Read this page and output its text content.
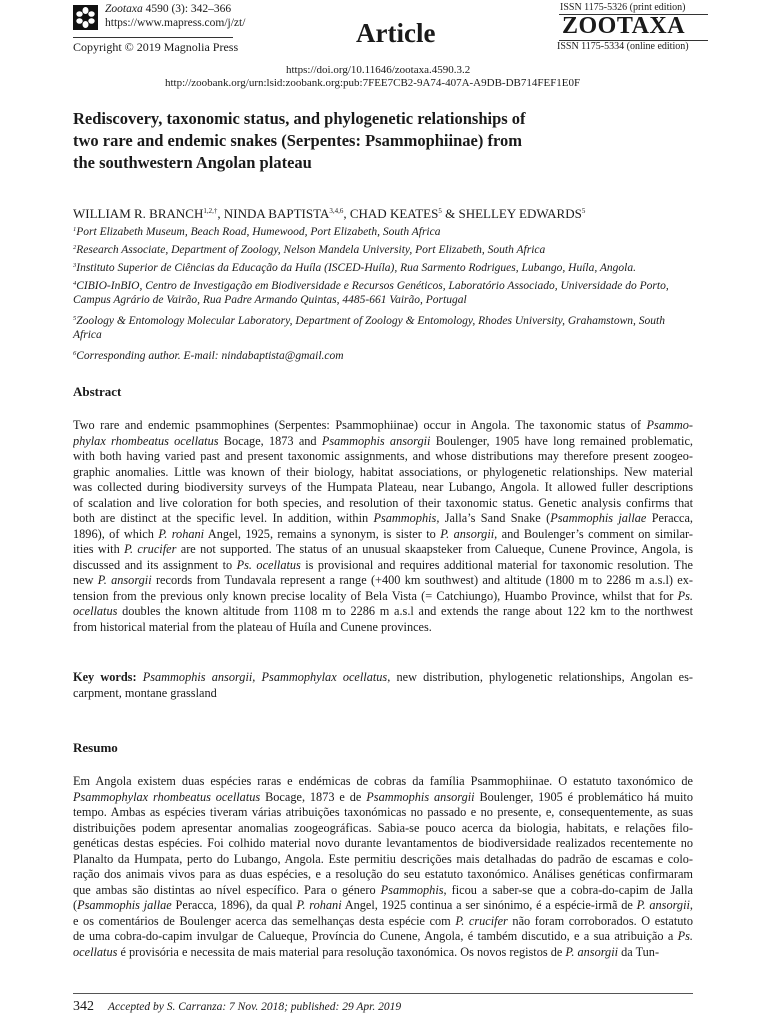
Zootaxa 4590 (3): 342–366
https://www.mapress.com/j/zt/
Copyright © 2019 Magnolia Press	Article
ISSN 1175-5326 (print edition)
ZOOTAXA
ISSN 1175-5334 (online edition)
https://doi.org/10.11646/zootaxa.4590.3.2
http://zoobank.org/urn:lsid:zoobank.org:pub:7FEE7CB2-9A74-407A-A9DB-DB714FEF1E0F
Rediscovery, taxonomic status, and phylogenetic relationships of
two rare and endemic snakes (Serpentes: Psammophiinae) from
the southwestern Angolan plateau
WILLIAM R. $BRANCH^{1,2,\dagger}$, NINDA BAPTISTA$^{3,4,6}$, CHAD KEATES$^5$ & SHELLEY EDWARDS$^5$
$^1$Port Elizabeth Museum, Beach Road, Humewood, Port Elizabeth, South Africa
$^2$Research Associate, Department of Zoology, Nelson Mandela University, Port Elizabeth, South Africa
$^3$Instituto Superior de Ciências da Educação da Huíla (ISCED-Huíla), Rua Sarmento Rodrigues, Lubango, Huíla, Angola.
$^4$CIBIO-InBIO, Centro de Investigação em Biodiversidade e Recursos Genéticos, Laboratório Associado, Universidade do Porto,
Campus Agrário de Vairão, Rua Padre Armando Quintas, 4485-661 Vairão, Portugal
$^5$Zoology & Entomology Molecular Laboratory, Department of Zoology & Entomology, Rhodes University, Grahamstown, South
Africa
$^6$Corresponding author. E-mail: nindabaptista@gmail.com
Abstract
Two rare and endemic psammophines (Serpentes: Psammophiinae) occur in Angola. The taxonomic status of Psammo-
phylax rhombeatus ocellatus Bocage, 1873 and Psammophis ansorgii Boulenger, 1905 have long remained problematic,
with both having varied past and present taxonomic assignments, and whose distributions may therefore present zoogeo-
graphic anomalies. Little was known of their biology, habitat associations, or phylogenetic relationships. New material
was collected during biodiversity surveys of the Humpata Plateau, near Lubango, Angola. It allowed fuller descriptions
of scalation and live coloration for both species, and resolution of their taxonomic status. Genetic analysis confirms that
both are distinct at the specific level. In addition, within Psammophis, Jalla’s Sand Snake (Psammophis jallae Peracca,
1896), of which P. rohani Angel, 1925, remains a synonym, is sister to P. ansorgii, and Boulenger’s comment on similar-
ities with P. crucifer are not supported. The status of an unusual skaapsteker from Calueque, Cunene Province, Angola, is
discussed and its assignment to Ps. ocellatus is provisional and requires additional material for taxonomic resolution. The
new P. ansorgii records from Tundavala represent a range (+400 km southwest) and altitude (1800 m to 2286 m a.s.l) ex-
tension from the previous only known precise locality of Bela Vista (= Catchiungo), Huambo Province, whilst that for Ps.
ocellatus doubles the known altitude from 1108 m to 2286 m a.s.l and extends the range about 122 km to the northwest
from historical material from the plateau of Huíla and Cunene provinces.
Key words: Psammophis ansorgii, Psammophylax ocellatus, new distribution, phylogenetic relationships, Angolan es-
carpment, montane grassland
Resumo
Em Angola existem duas espécies raras e endémicas de cobras da família Psammophiinae. O estatuto taxonómico de
Psammophylax rhombeatus ocellatus Bocage, 1873 e de Psammophis ansorgii Boulenger, 1905 é problemático há muito
tempo. Ambas as espécies tiveram várias atribuições taxonómicas no passado e no presente, e, consequentemente, as suas
distribuições podem apresentar anomalias zoogeográficas. Sabia-se pouco acerca da biologia, habitats, e relações filo-
genéticas destas espécies. Foi colhido material novo durante levantamentos de biodiversidade realizados recentemente no
Planalto da Humpata, perto do Lubango, Angola. Este permitiu descrições mais detalhadas do padrão de escamas e colo-
ração dos animais vivos para as duas espécies, e a resolução do seu estatuto taxonómico. Análises genéticas confirmaram
que ambas são distintas ao nível específico. Para o género Psammophis, ficou a saber-se que a cobra-do-capim de Jalla
(Psammophis jallae Peracca, 1896), da qual P. rohani Angel, 1925 continua a ser sinónimo, é a espécie-irmã de P. ansorgii,
e os comentários de Boulenger acerca das semelhanças desta espécie com P. crucifer não foram corroborados. O estatuto
de uma cobra-do-capim invulgar de Calueque, Província do Cunene, Angola, é também discutido, e a sua atribuição a Ps.
ocellatus é provisória e necessita de mais material para resolução taxonómica. Os novos registos de P. ansorgii da Tun-
342 Accepted by S. Carranza: 7 Nov. 2018; published: 29 Apr. 2019
